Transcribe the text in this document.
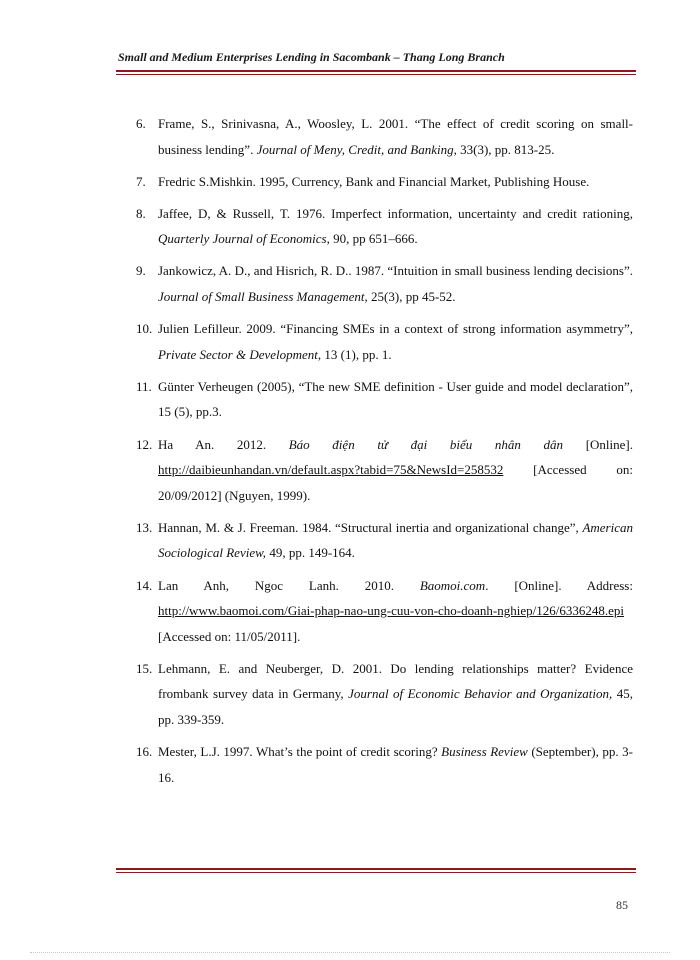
Small and Medium Enterprises Lending in Sacombank – Thang Long Branch
6. Frame, S., Srinivasna, A., Woosley, L. 2001. “The effect of credit scoring on small-business lending”. Journal of Meny, Credit, and Banking, 33(3), pp. 813-25.
7. Fredric S.Mishkin. 1995, Currency, Bank and Financial Market, Publishing House.
8. Jaffee, D, & Russell, T. 1976. Imperfect information, uncertainty and credit rationing, Quarterly Journal of Economics, 90, pp 651–666.
9. Jankowicz, A. D., and Hisrich, R. D.. 1987. “Intuition in small business lending decisions”. Journal of Small Business Management, 25(3), pp 45-52.
10. Julien Lefilleur. 2009. “Financing SMEs in a context of strong information asymmetry”, Private Sector & Development, 13 (1), pp. 1.
11. Günter Verheugen (2005), “The new SME definition - User guide and model declaration”, 15 (5), pp.3.
12. Ha An. 2012. Báo điện tử đại biểu nhân dân [Online]. http://daibieunhandan.vn/default.aspx?tabid=75&NewsId=258532 [Accessed on: 20/09/2012] (Nguyen, 1999).
13. Hannan, M. & J. Freeman. 1984. “Structural inertia and organizational change”, American Sociological Review, 49, pp. 149-164.
14. Lan Anh, Ngoc Lanh. 2010. Baomoi.com. [Online]. Address: http://www.baomoi.com/Giai-phap-nao-ung-cuu-von-cho-doanh-nghiep/126/6336248.epi [Accessed on: 11/05/2011].
15. Lehmann, E. and Neuberger, D. 2001. Do lending relationships matter? Evidence frombank survey data in Germany, Journal of Economic Behavior and Organization, 45, pp. 339-359.
16. Mester, L.J. 1997. What’s the point of credit scoring? Business Review (September), pp. 3-16.
85
